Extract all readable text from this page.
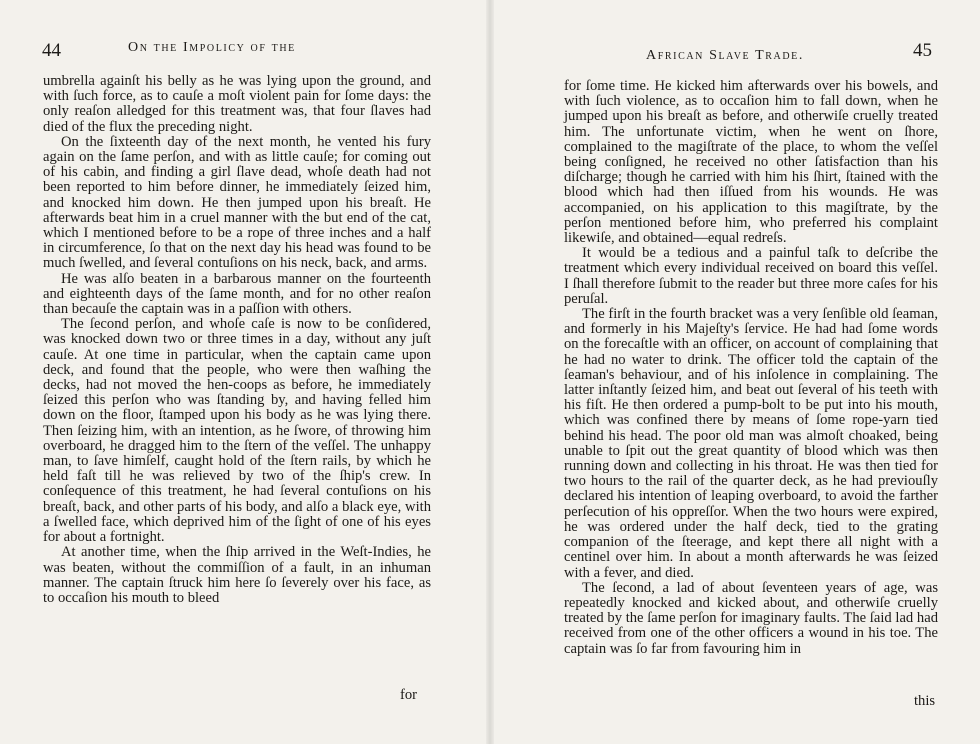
44	On the Impolicy of the

umbrella againſt his belly as he was lying upon the ground, and with ſuch force, as to cauſe a moſt violent pain for ſome days: the only reaſon alledged for this treatment was, that four ſlaves had died of the flux the preceding night.

On the ſixteenth day of the next month, he vented his fury again on the ſame perſon, and with as little cauſe; for coming out of his cabin, and finding a girl ſlave dead, whoſe death had not been reported to him before dinner, he immediately ſeized him, and knocked him down. He then jumped upon his breaſt. He afterwards beat him in a cruel manner with the but end of the cat, which I mentioned before to be a rope of three inches and a half in circumference, ſo that on the next day his head was found to be much ſwelled, and ſeveral contuſions on his neck, back, and arms.

He was alſo beaten in a barbarous manner on the fourteenth and eighteenth days of the ſame month, and for no other reaſon than becauſe the captain was in a paſſion with others.

The ſecond perſon, and whoſe caſe is now to be conſidered, was knocked down two or three times in a day, without any juſt cauſe. At one time in particular, when the captain came upon deck, and found that the people, who were then waſhing the decks, had not moved the hen-coops as before, he immediately ſeized this perſon who was ſtanding by, and having felled him down on the floor, ſtamped upon his body as he was lying there. Then ſeizing him, with an intention, as he ſwore, of throwing him overboard, he dragged him to the ſtern of the veſſel. The unhappy man, to ſave himſelf, caught hold of the ſtern rails, by which he held faſt till he was relieved by two of the ſhip's crew. In conſequence of this treatment, he had ſeveral contuſions on his breaſt, back, and other parts of his body, and alſo a black eye, with a ſwelled face, which deprived him of the ſight of one of his eyes for about a fortnight.

At another time, when the ſhip arrived in the Weſt-Indies, he was beaten, without the commiſſion of a fault, in an inhuman manner. The captain ſtruck him here ſo ſeverely over his face, as to occaſion his mouth to bleed

for
African Slave Trade.	45

for ſome time. He kicked him afterwards over his bowels, and with ſuch violence, as to occaſion him to fall down, when he jumped upon his breaſt as before, and otherwiſe cruelly treated him. The unfortunate victim, when he went on ſhore, complained to the magiſtrate of the place, to whom the veſſel being conſigned, he received no other ſatisfaction than his diſcharge; though he carried with him his ſhirt, ſtained with the blood which had then iſſued from his wounds. He was accompanied, on his application to this magiſtrate, by the perſon mentioned before him, who preferred his complaint likewiſe, and obtained—equal redreſs.

It would be a tedious and a painful taſk to deſcribe the treatment which every individual received on board this veſſel. I ſhall therefore ſubmit to the reader but three more caſes for his peruſal.

The firſt in the fourth bracket was a very ſenſible old ſeaman, and formerly in his Majeſty's ſervice. He had had ſome words on the forecaſtle with an officer, on account of complaining that he had no water to drink. The officer told the captain of the ſeaman's behaviour, and of his inſolence in complaining. The latter inſtantly ſeized him, and beat out ſeveral of his teeth with his fiſt. He then ordered a pump-bolt to be put into his mouth, which was confined there by means of ſome rope-yarn tied behind his head. The poor old man was almoſt choaked, being unable to ſpit out the great quantity of blood which was then running down and collecting in his throat. He was then tied for two hours to the rail of the quarter deck, as he had previouſly declared his intention of leaping overboard, to avoid the farther perſecution of his oppreſſor. When the two hours were expired, he was ordered under the half deck, tied to the grating companion of the ſteerage, and kept there all night with a centinel over him. In about a month afterwards he was ſeized with a fever, and died.

The ſecond, a lad of about ſeventeen years of age, was repeatedly knocked and kicked about, and otherwiſe cruelly treated by the ſame perſon for imaginary faults. The ſaid lad had received from one of the other officers a wound in his toe. The captain was ſo far from favouring him in

this
